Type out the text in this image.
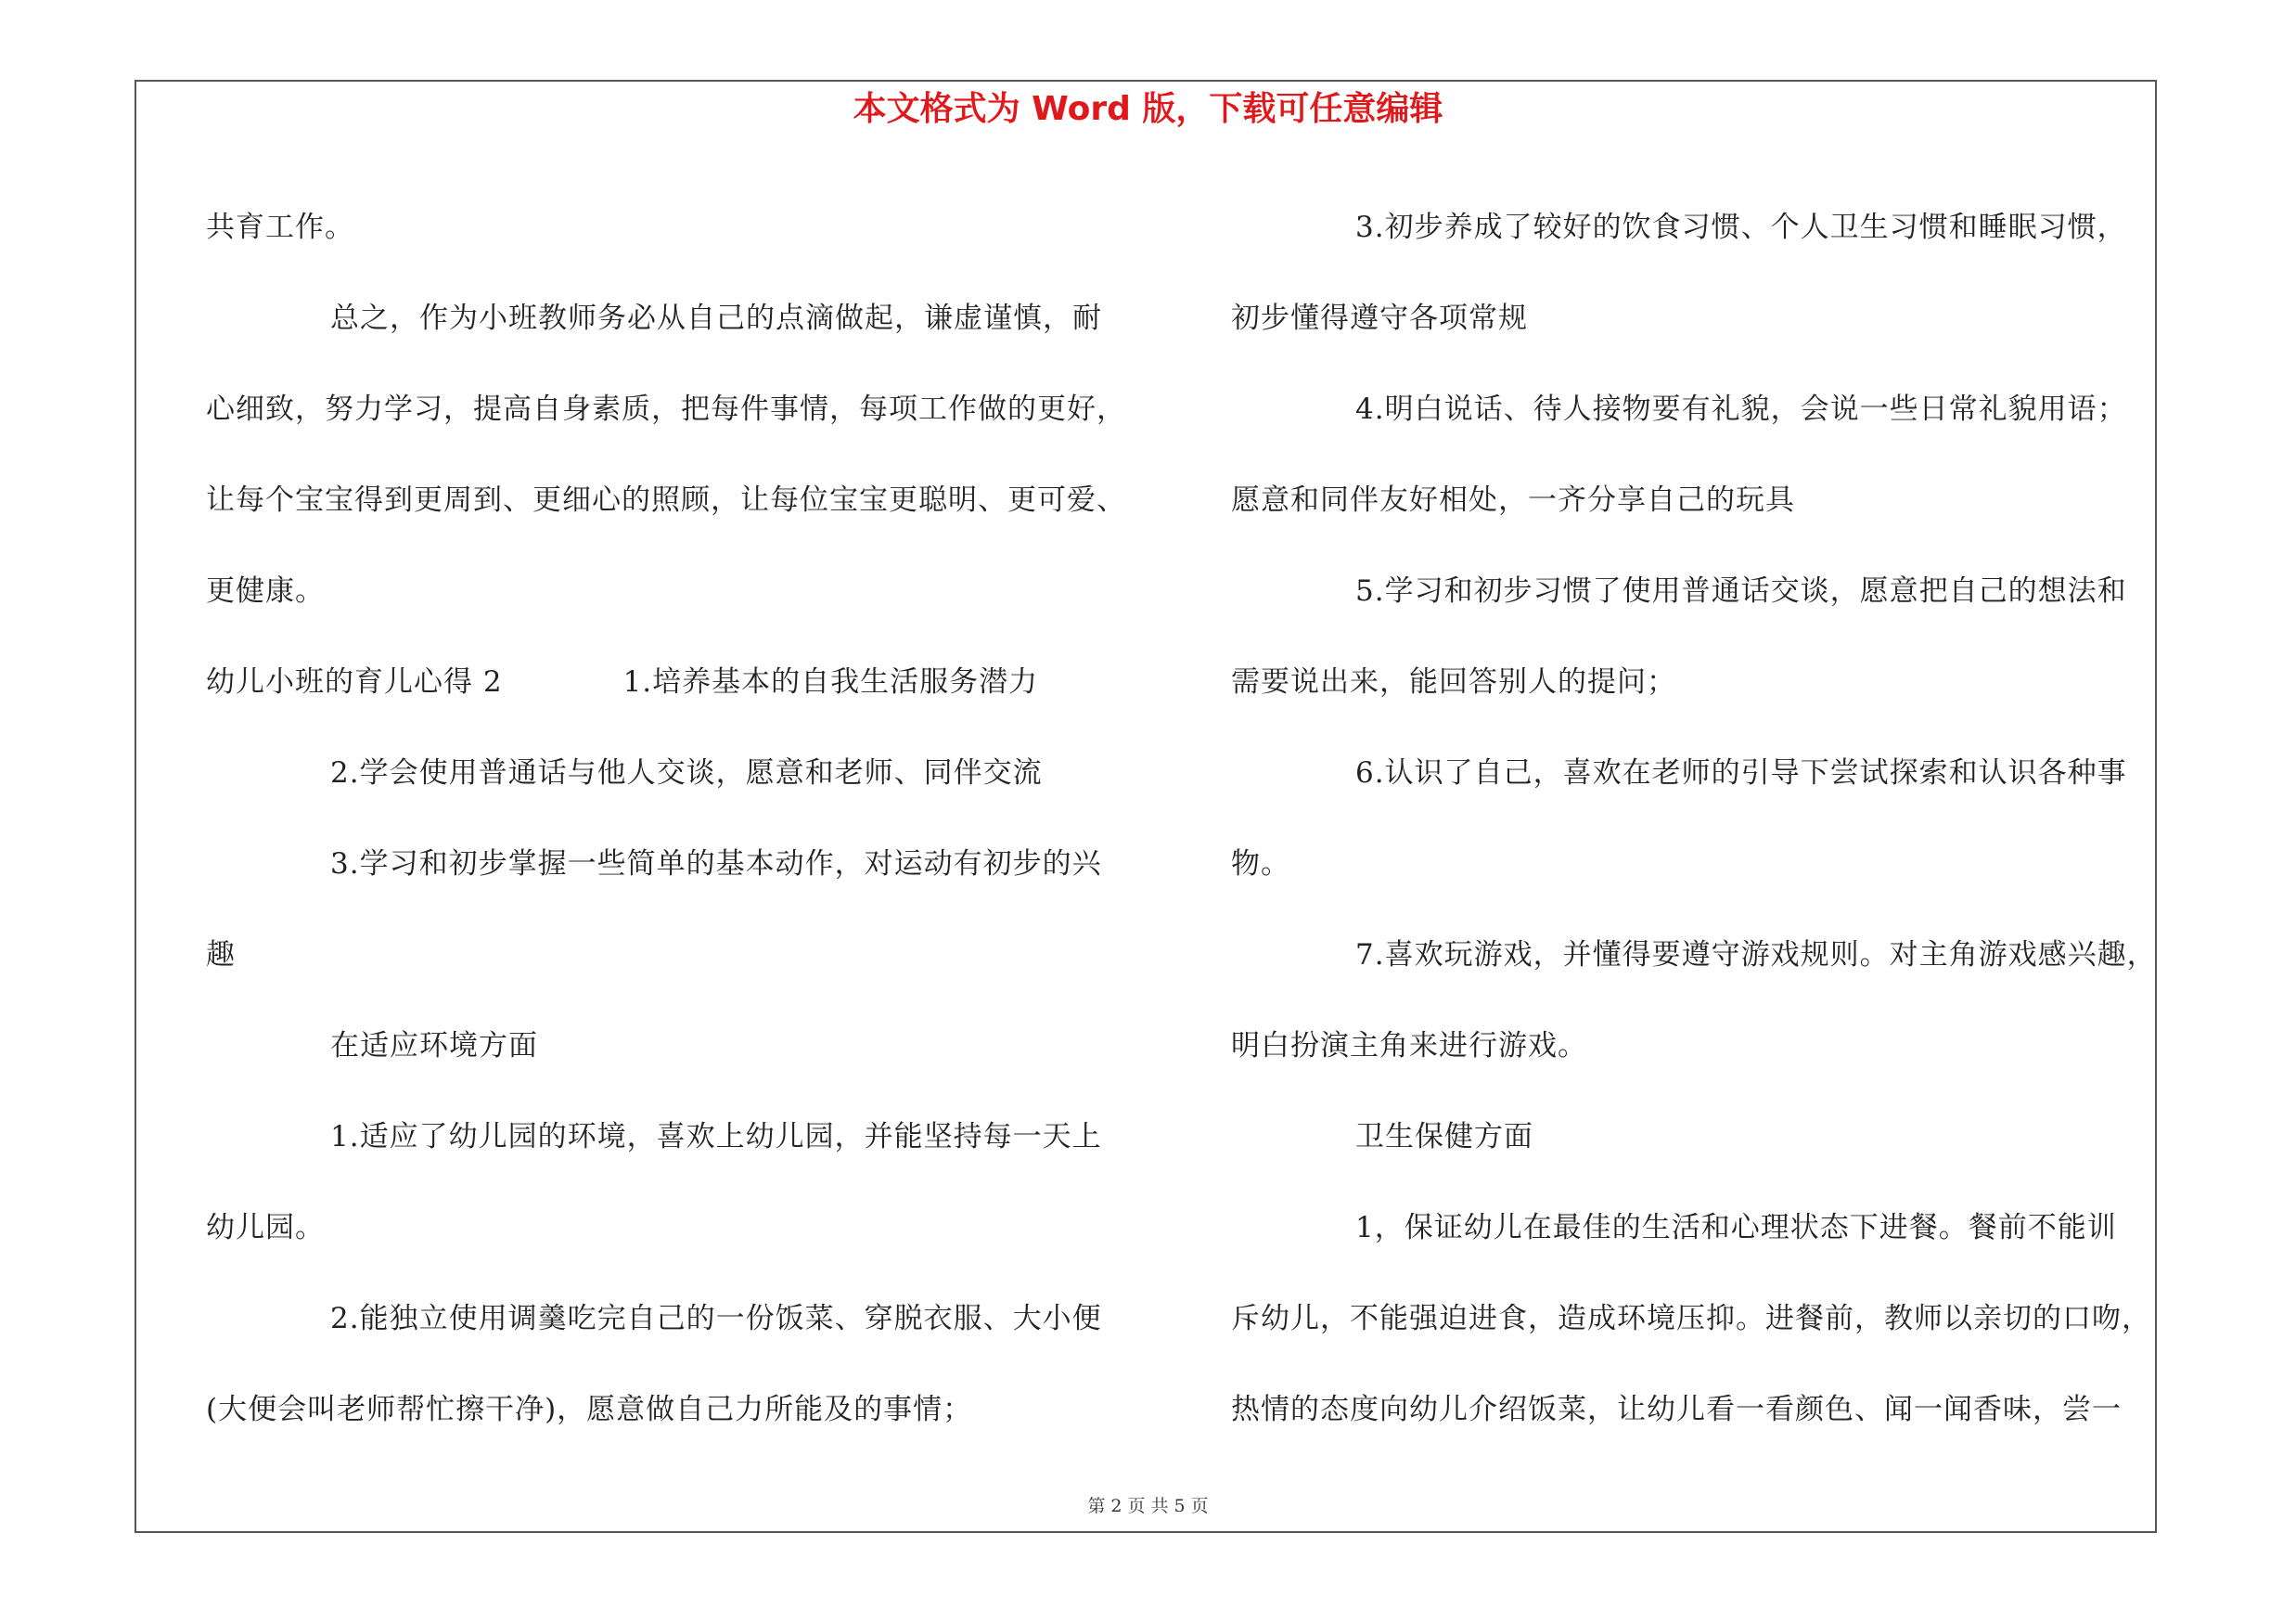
本文格式为 Word 版，下载可任意编辑

共育工作。

总之，作为小班教师务必从自己的点滴做起，谦虚谨慎，耐

心细致，努力学习，提高自身素质，把每件事情，每项工作做的更好，

让每个宝宝得到更周到、更细心的照顾，让每位宝宝更聪明、更可爱、

更健康。

幼儿小班的育儿心得 2	1.培养基本的自我生活服务潜力

2.学会使用普通话与他人交谈，愿意和老师、同伴交流

3.学习和初步掌握一些简单的基本动作，对运动有初步的兴

趣

在适应环境方面

1.适应了幼儿园的环境，喜欢上幼儿园，并能坚持每一天上

幼儿园。

2.能独立使用调羹吃完自己的一份饭菜、穿脱衣服、大小便

(大便会叫老师帮忙擦干净)，愿意做自己力所能及的事情；

3.初步养成了较好的饮食习惯、个人卫生习惯和睡眠习惯，

初步懂得遵守各项常规

4.明白说话、待人接物要有礼貌，会说一些日常礼貌用语；

愿意和同伴友好相处，一齐分享自己的玩具

5.学习和初步习惯了使用普通话交谈，愿意把自己的想法和

需要说出来，能回答别人的提问；

6.认识了自己，喜欢在老师的引导下尝试探索和认识各种事

物。

7.喜欢玩游戏，并懂得要遵守游戏规则。对主角游戏感兴趣，

明白扮演主角来进行游戏。

卫生保健方面

1，保证幼儿在最佳的生活和心理状态下进餐。餐前不能训

斥幼儿，不能强迫进食，造成环境压抑。进餐前，教师以亲切的口吻，

热情的态度向幼儿介绍饭菜，让幼儿看一看颜色、闻一闻香味，尝一

第 2 页 共 5 页
